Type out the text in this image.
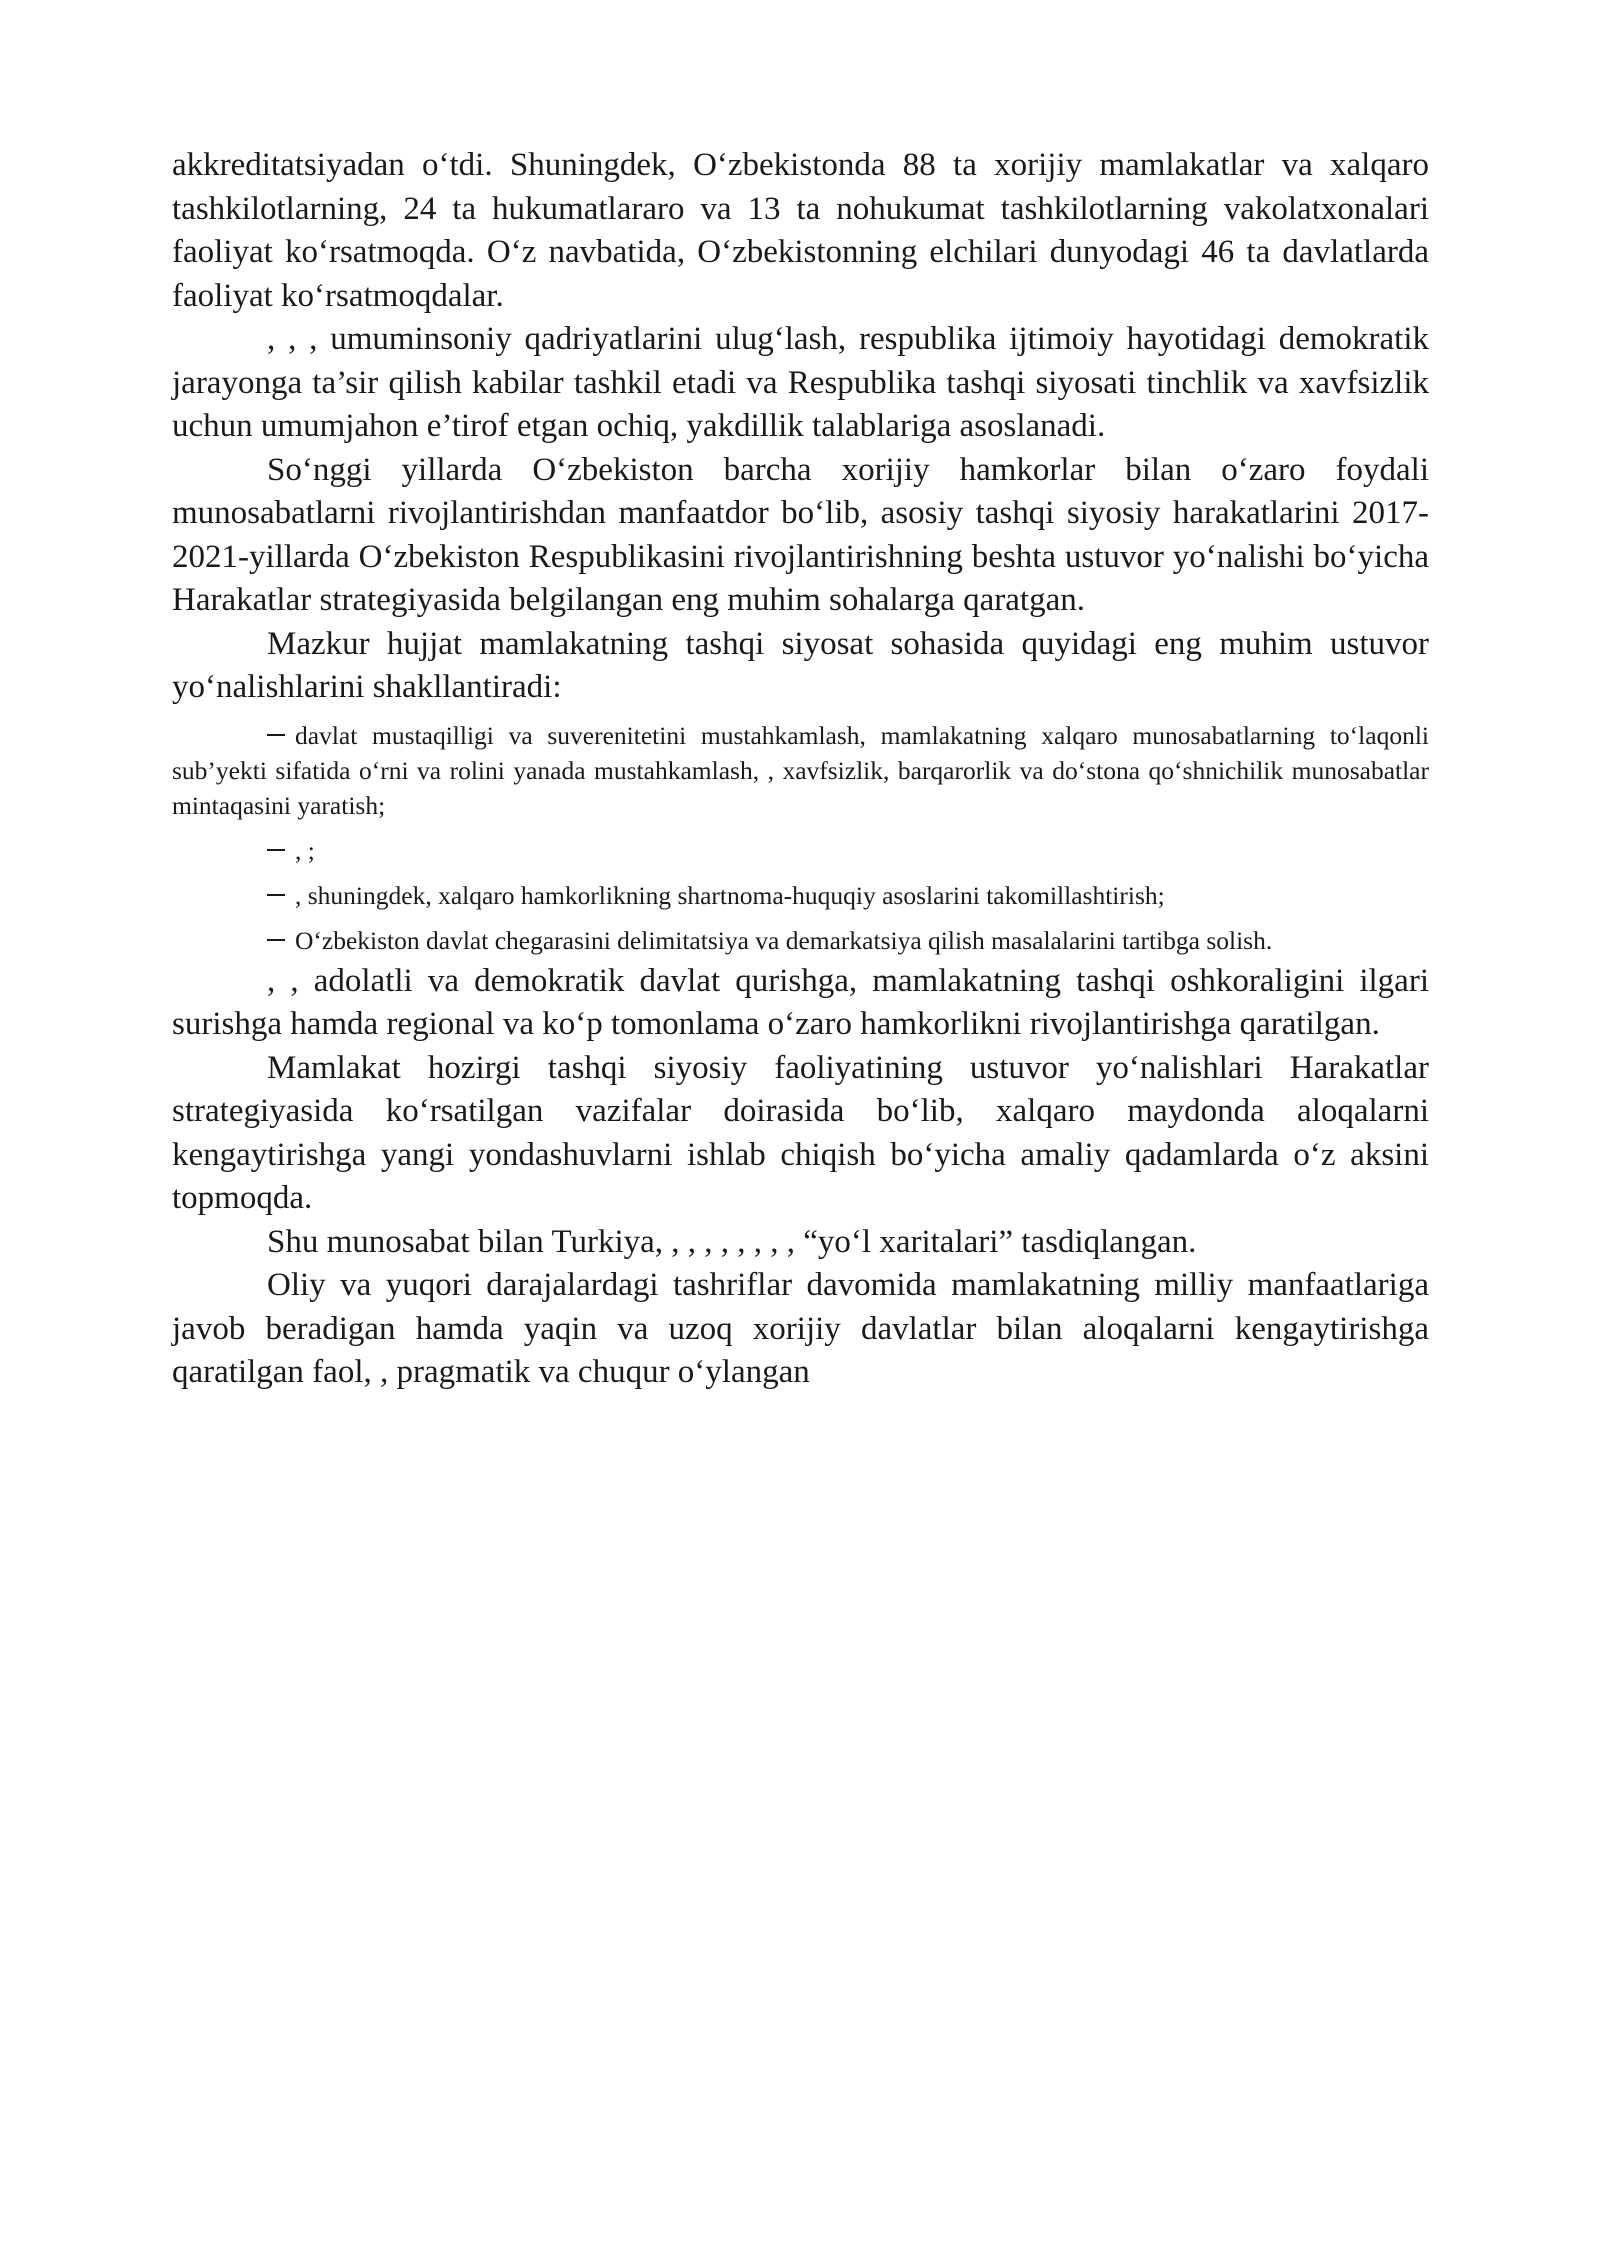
akkreditatsiyadan o‘tdi. Shuningdek, O‘zbekistonda 88 ta xorijiy mamlakatlar va xalqaro tashkilotlarning, 24 ta hukumatlararo va 13 ta nohukumat tashkilotlarning vakolatxonalari faoliyat ko‘rsatmoqda. O‘z navbatida, O‘zbekistonning elchilari dunyodagi 46 ta davlatlarda faoliyat ko‘rsatmoqdalar.

, , , umuminsoniy qadriyatlarini ulug‘lash, respublika ijtimoiy hayotidagi demokratik jarayonga ta’sir qilish kabilar tashkil etadi va Respublika tashqi siyosati tinchlik va xavfsizlik uchun umumjahon e’tirof etgan ochiq, yakdillik talablariga asoslanadi.

So‘nggi yillarda O‘zbekiston barcha xorijiy hamkorlar bilan o‘zaro foydali munosabatlarni rivojlantirishdan manfaatdor bo‘lib, asosiy tashqi siyosiy harakatlarini 2017-2021-yillarda O‘zbekiston Respublikasini rivojlantirishning beshta ustuvor yo‘nalishi bo‘yicha Harakatlar strategiyasida belgilangan eng muhim sohalarga qaratgan.

Mazkur hujjat mamlakatning tashqi siyosat sohasida quyidagi eng muhim ustuvor yo‘nalishlarini shakllantiradi:

davlat mustaqilligi va suverenitetini mustahkamlash, mamlakatning xalqaro munosabatlarning to‘laqonli sub’yekti sifatida o‘rni va rolini yanada mustahkamlash, , xavfsizlik, barqarorlik va do‘stona qo‘shnichilik munosabatlar mintaqasini yaratish;
, ;
, shuningdek, xalqaro hamkorlikning shartnoma-huquqiy asoslarini takomillashtirish;
O‘zbekiston davlat chegarasini delimitatsiya va demarkatsiya qilish masalalarini tartibga solish.

, , adolatli va demokratik davlat qurishga, mamlakatning tashqi oshkoraligini ilgari surishga hamda regional va ko‘p tomonlama o‘zaro hamkorlikni rivojlantirishga qaratilgan.

Mamlakat hozirgi tashqi siyosiy faoliyatining ustuvor yo‘nalishlari Harakatlar strategiyasida ko‘rsatilgan vazifalar doirasida bo‘lib, xalqaro maydonda aloqalarni kengaytirishga yangi yondashuvlarni ishlab chiqish bo‘yicha amaliy qadamlarda o‘z aksini topmoqda.

Shu munosabat bilan Turkiya, , , , , , , , , “yo‘l xaritalari” tasdiqlangan.

Oliy va yuqori darajalardagi tashriflar davomida mamlakatning milliy manfaatlariga javob beradigan hamda yaqin va uzoq xorijiy davlatlar bilan aloqalarni kengaytirishga qaratilgan faol, , pragmatik va chuqur o‘ylangan
